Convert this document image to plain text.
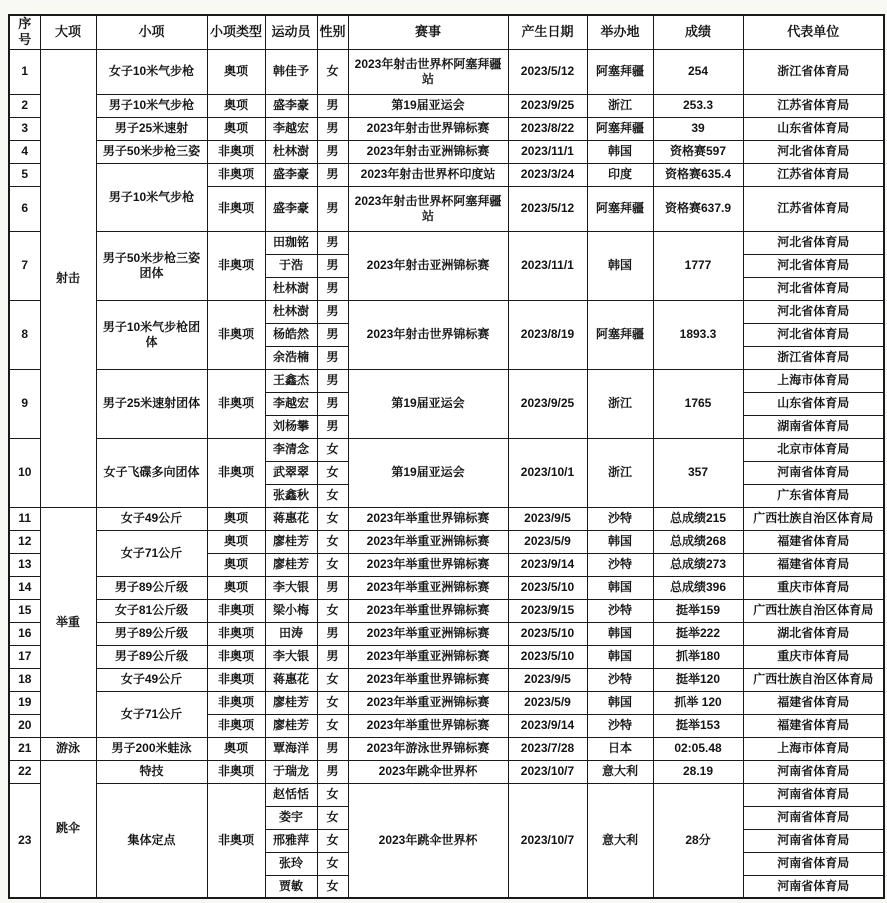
序号	大项	小项	小项类型	运动员	性别	赛事	产生日期	举办地	成绩	代表单位
1	射击	女子10米气步枪	奥项	韩佳予	女	2023年射击世界杯阿塞拜疆站	2023/5/12	阿塞拜疆	254	浙江省体育局
2		男子10米气步枪	奥项	盛李豪	男	第19届亚运会	2023/9/25	浙江	253.3	江苏省体育局
3		男子25米速射	奥项	李越宏	男	2023年射击世界锦标赛	2023/8/22	阿塞拜疆	39	山东省体育局
4		男子50米步枪三姿	非奥项	杜林澍	男	2023年射击亚洲锦标赛	2023/11/1	韩国	资格赛597	河北省体育局
5		男子10米气步枪	非奥项	盛李豪	男	2023年射击世界杯印度站	2023/3/24	印度	资格赛635.4	江苏省体育局
6			非奥项	盛李豪	男	2023年射击世界杯阿塞拜疆站	2023/5/12	阿塞拜疆	资格赛637.9	江苏省体育局
7		男子50米步枪三姿团体	非奥项	田珈铭	男	2023年射击亚洲锦标赛	2023/11/1	韩国	1777	河北省体育局
				于浩	男					河北省体育局
				杜林澍	男					河北省体育局
8		男子10米气步枪团体	非奥项	杜林澍	男	2023年射击世界锦标赛	2023/8/19	阿塞拜疆	1893.3	河北省体育局
				杨皓然	男					河北省体育局
				余浩楠	男					浙江省体育局
9		男子25米速射团体	非奥项	王鑫杰	男	第19届亚运会	2023/9/25	浙江	1765	上海市体育局
				李越宏	男					山东省体育局
				刘杨攀	男					湖南省体育局
10		女子飞碟多向团体	非奥项	李清念	女	第19届亚运会	2023/10/1	浙江	357	北京市体育局
				武翠翠	女					河南省体育局
				张鑫秋	女					广东省体育局
11	举重	女子49公斤	奥项	蒋惠花	女	2023年举重世界锦标赛	2023/9/5	沙特	总成绩215	广西壮族自治区体育局
12		女子71公斤	奥项	廖桂芳	女	2023年举重亚洲锦标赛	2023/5/9	韩国	总成绩268	福建省体育局
13			奥项	廖桂芳	女	2023年举重世界锦标赛	2023/9/14	沙特	总成绩273	福建省体育局
14		男子89公斤级	奥项	李大银	男	2023年举重亚洲锦标赛	2023/5/10	韩国	总成绩396	重庆市体育局
15		女子81公斤级	非奥项	梁小梅	女	2023年举重世界锦标赛	2023/9/15	沙特	挺举159	广西壮族自治区体育局
16		男子89公斤级	非奥项	田涛	男	2023年举重亚洲锦标赛	2023/5/10	韩国	挺举222	湖北省体育局
17		男子89公斤级	非奥项	李大银	男	2023年举重亚洲锦标赛	2023/5/10	韩国	抓举180	重庆市体育局
18		女子49公斤	非奥项	蒋惠花	女	2023年举重世界锦标赛	2023/9/5	沙特	挺举120	广西壮族自治区体育局
19		女子71公斤	非奥项	廖桂芳	女	2023年举重亚洲锦标赛	2023/5/9	韩国	抓举 120	福建省体育局
20			非奥项	廖桂芳	女	2023年举重世界锦标赛	2023/9/14	沙特	挺举153	福建省体育局
21	游泳	男子200米蛙泳	奥项	覃海洋	男	2023年游泳世界锦标赛	2023/7/28	日本	02:05.48	上海市体育局
22	跳伞	特技	非奥项	于瑞龙	男	2023年跳伞世界杯	2023/10/7	意大利	28.19	河南省体育局
23		集体定点	非奥项	赵恬恬	女	2023年跳伞世界杯	2023/10/7	意大利	28分	河南省体育局
				娄宇	女					河南省体育局
				邢雅萍	女					河南省体育局
				张玲	女					河南省体育局
				贾敏	女					河南省体育局
